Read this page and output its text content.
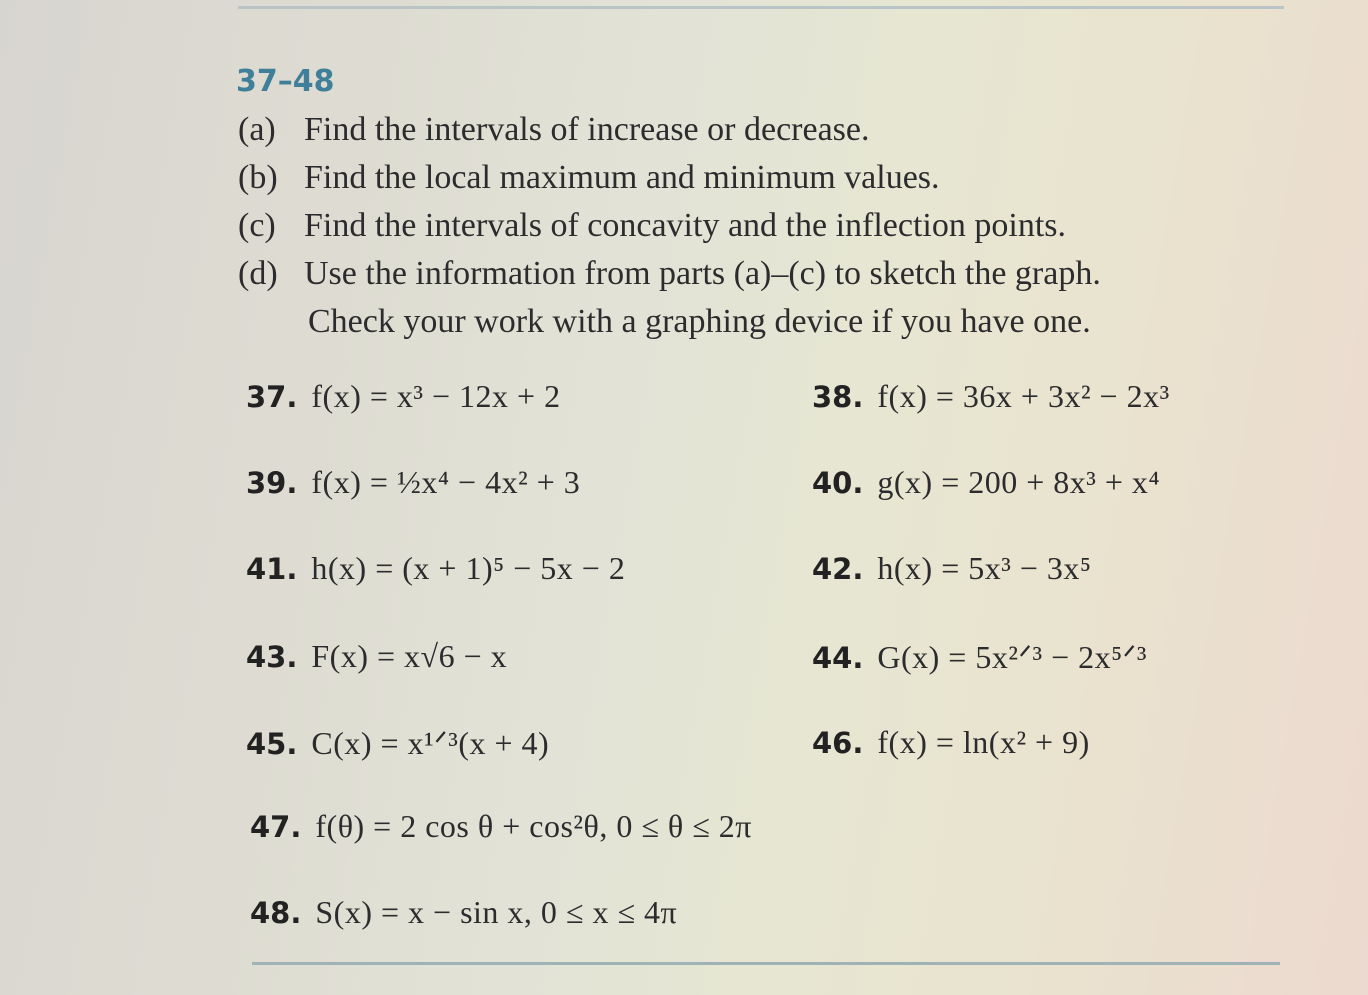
37–48
(a) Find the intervals of increase or decrease.
(b) Find the local maximum and minimum values.
(c) Find the intervals of concavity and the inflection points.
(d) Use the information from parts (a)–(c) to sketch the graph.
Check your work with a graphing device if you have one.
37. f(x) = x³ − 12x + 2	38. f(x) = 36x + 3x² − 2x³
39. f(x) = ½x⁴ − 4x² + 3	40. g(x) = 200 + 8x³ + x⁴
41. h(x) = (x + 1)⁵ − 5x − 2	42. h(x) = 5x³ − 3x⁵
43. F(x) = x√6 − x	44. G(x) = 5x²ᐟ³ − 2x⁵ᐟ³
45. C(x) = x¹ᐟ³(x + 4)	46. f(x) = ln(x² + 9)
47. f(θ) = 2 cos θ + cos²θ, 0 ≤ θ ≤ 2π
48. S(x) = x − sin x, 0 ≤ x ≤ 4π
